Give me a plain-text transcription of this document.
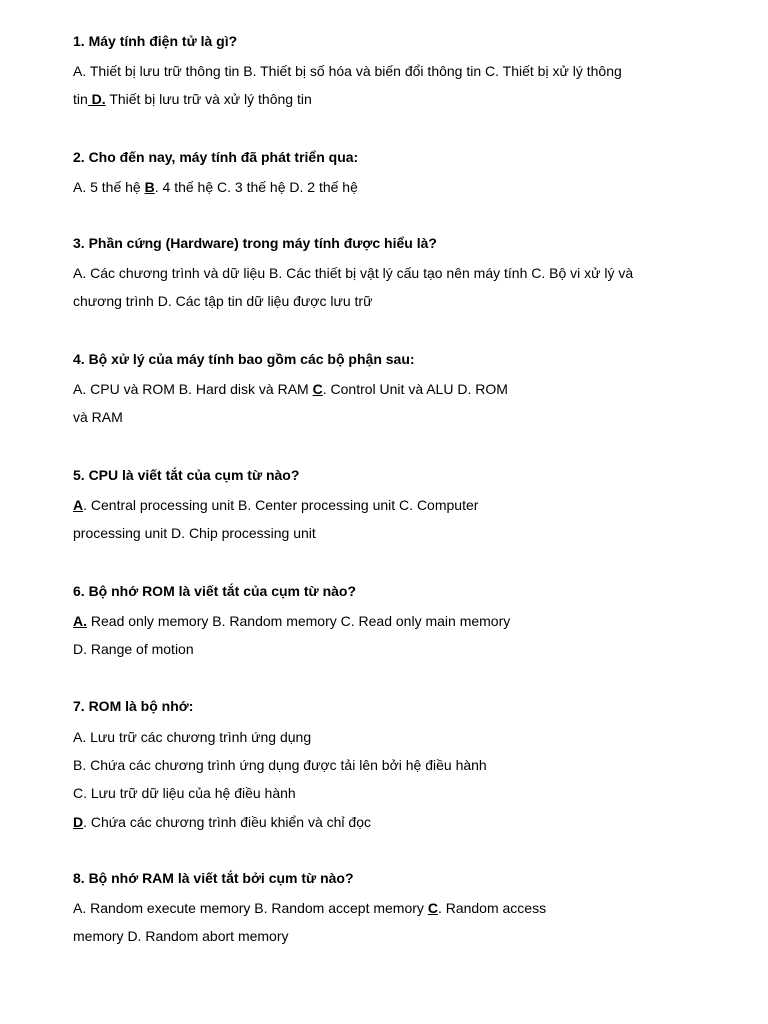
1. Máy tính điện tử là gì?
A. Thiết bị lưu trữ thông tin B. Thiết bị số hóa và biến đổi thông tin C. Thiết bị xử lý thông
tin D. Thiết bị lưu trữ và xử lý thông tin
2. Cho đến nay, máy tính đã phát triển qua:
A. 5 thế hệ B. 4 thế hệ C. 3 thế hệ D. 2 thế hệ
3. Phần cứng (Hardware) trong máy tính được hiểu là?
A. Các chương trình và dữ liệu B. Các thiết bị vật lý cấu tạo nên máy tính C. Bộ vi xử lý và
chương trình D. Các tập tin dữ liệu được lưu trữ
4. Bộ xử lý của máy tính bao gồm các bộ phận sau:
A. CPU và ROM B. Hard disk và RAM C. Control Unit và ALU D. ROM
và RAM
5. CPU là viết tắt của cụm từ nào?
A. Central processing unit B. Center processing unit C. Computer
processing unit D. Chip processing unit
6. Bộ nhớ ROM là viết tắt của cụm từ nào?
A. Read only memory B. Random memory C. Read only main memory
D. Range of motion
7. ROM là bộ nhớ:
A. Lưu trữ các chương trình ứng dụng
B. Chứa các chương trình ứng dụng được tải lên bởi hệ điều hành
C. Lưu trữ dữ liệu của hệ điều hành
D. Chứa các chương trình điều khiển và chỉ đọc
8. Bộ nhớ RAM là viết tắt bởi cụm từ nào?
A. Random execute memory B. Random accept memory C. Random access
memory D. Random abort memory
